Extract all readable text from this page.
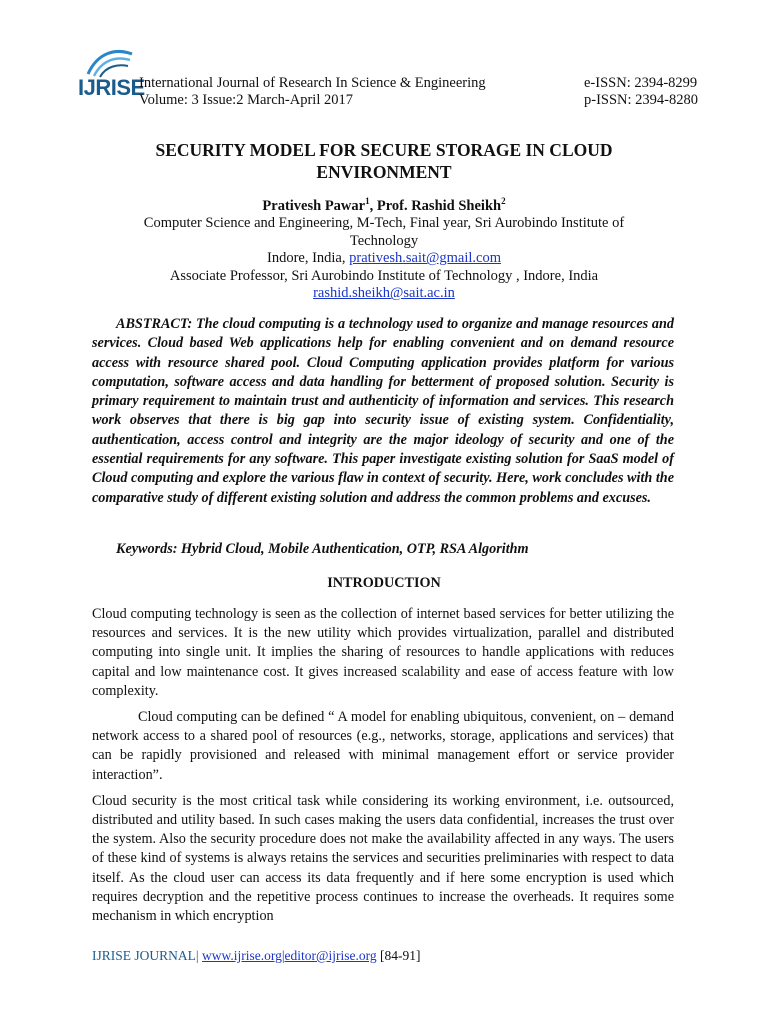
IJRISE
International Journal of Research In Science & Engineering
Volume: 3 Issue:2 March-April 2017
e-ISSN: 2394-8299
p-ISSN: 2394-8280
SECURITY MODEL FOR SECURE STORAGE IN CLOUD
ENVIRONMENT
Prativesh Pawar$^1$, Prof. Rashid Sheikh$^2$
Computer Science and Engineering, M-Tech, Final year, Sri Aurobindo Institute of
Technology
Indore, India, prativesh.sait@gmail.com
Associate Professor, Sri Aurobindo Institute of Technology , Indore, India
rashid.sheikh@sait.ac.in

ABSTRACT: The cloud computing is a technology used to organize and manage resources and services. Cloud based Web applications help for enabling convenient and on demand resource access with resource shared pool. Cloud Computing application provides platform for various computation, software access and data handling for betterment of proposed solution. Security is primary requirement to maintain trust and authenticity of information and services. This research work observes that there is big gap into security issue of existing system. Confidentiality, authentication, access control and integrity are the major ideology of security and one of the essential requirements for any software. This paper investigate existing solution for SaaS model of Cloud computing and explore the various flaw in context of security. Here, work concludes with the comparative study of different existing solution and address the common problems and excuses.

Keywords: Hybrid Cloud, Mobile Authentication, OTP, RSA Algorithm
INTRODUCTION

Cloud computing technology is seen as the collection of internet based services for better utilizing the resources and services. It is the new utility which provides virtualization, parallel and distributed computing into single unit. It implies the sharing of resources to handle applications with reduces capital and low maintenance cost. It gives increased scalability and ease of access feature with low complexity.

Cloud computing can be defined “ A model for enabling ubiquitous, convenient, on – demand network access to a shared pool of resources (e.g., networks, storage, applications and services) that can be rapidly provisioned and released with minimal management effort or service provider interaction”.

Cloud security is the most critical task while considering its working environment, i.e. outsourced, distributed and utility based. In such cases making the users data confidential, increases the trust over the system. Also the security procedure does not make the availability affected in any ways. The users of these kind of systems is always retains the services and securities preliminaries with respect to data itself. As the cloud user can access its data frequently and if here some encryption is used which requires decryption and the repetitive process continues to increase the overheads. It requires some mechanism in which encryption

IJRISE JOURNAL| www.ijrise.org|editor@ijrise.org [84-91]
